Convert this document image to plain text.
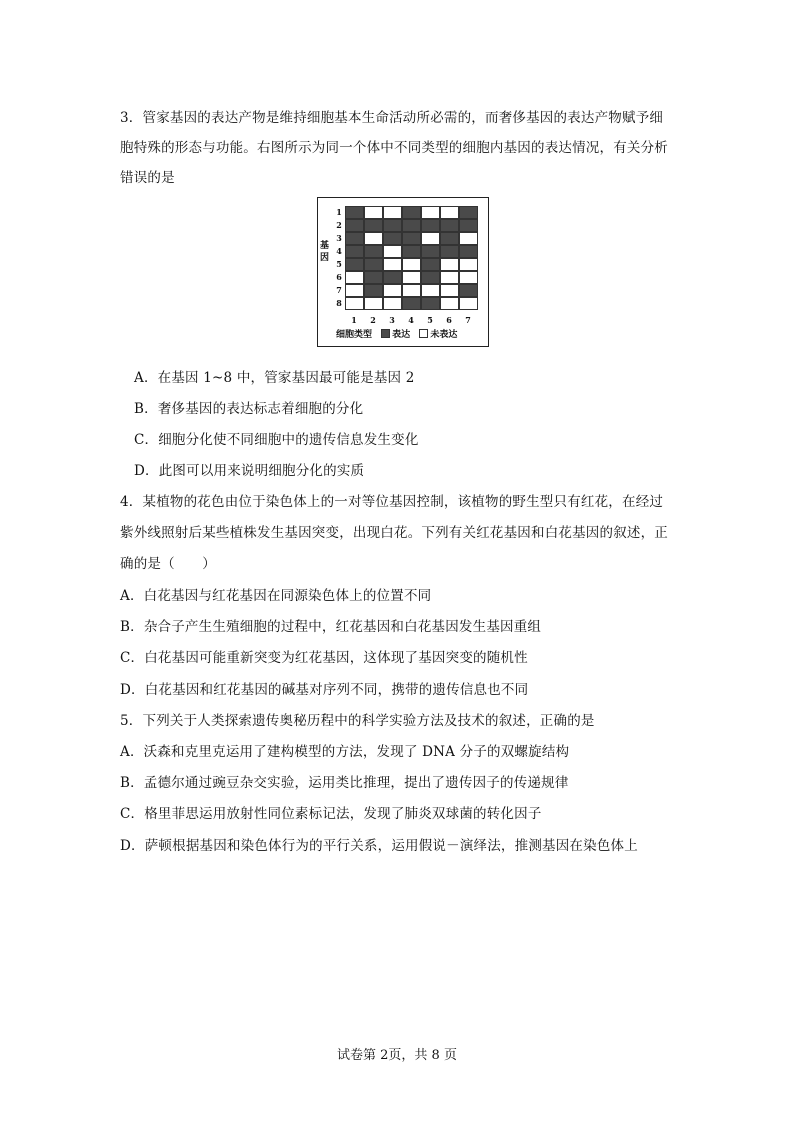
3．管家基因的表达产物是维持细胞基本生命活动所必需的，而奢侈基因的表达产物赋予细
胞特殊的形态与功能。右图所示为同一个体中不同类型的细胞内基因的表达情况，有关分析
错误的是
基因
1
2
3
4
5
6
7
8
1	2	3	4	5	6	7
细胞类型 表达 未表达
A．在基因 1~8 中，管家基因最可能是基因 2
B．奢侈基因的表达标志着细胞的分化
C．细胞分化使不同细胞中的遗传信息发生变化
D．此图可以用来说明细胞分化的实质
4．某植物的花色由位于染色体上的一对等位基因控制，该植物的野生型只有红花，在经过
紫外线照射后某些植株发生基因突变，出现白花。下列有关红花基因和白花基因的叙述，正
确的是（　　）
A．白花基因与红花基因在同源染色体上的位置不同
B．杂合子产生生殖细胞的过程中，红花基因和白花基因发生基因重组
C．白花基因可能重新突变为红花基因，这体现了基因突变的随机性
D．白花基因和红花基因的碱基对序列不同，携带的遗传信息也不同
5．下列关于人类探索遗传奥秘历程中的科学实验方法及技术的叙述，正确的是
A．沃森和克里克运用了建构模型的方法，发现了 DNA 分子的双螺旋结构
B．孟德尔通过豌豆杂交实验，运用类比推理，提出了遗传因子的传递规律
C．格里菲思运用放射性同位素标记法，发现了肺炎双球菌的转化因子
D．萨顿根据基因和染色体行为的平行关系，运用假说－演绎法，推测基因在染色体上
试卷第 2页，共 8 页
